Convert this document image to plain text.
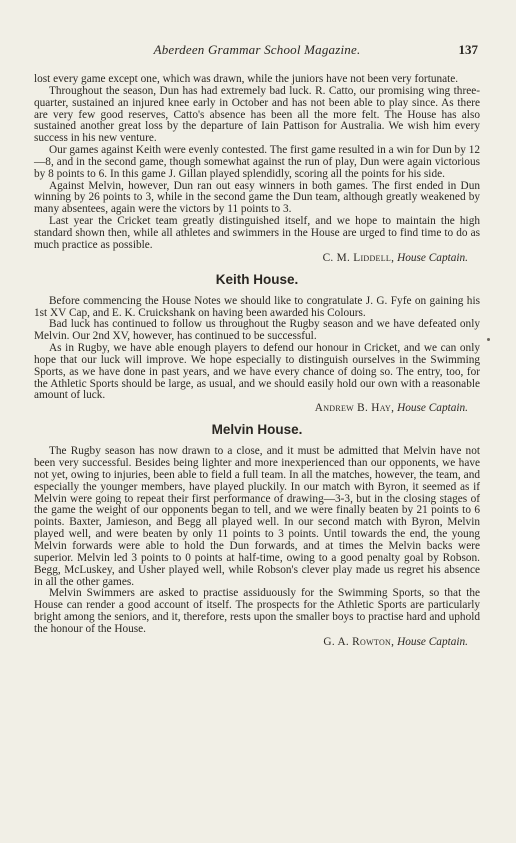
Aberdeen Grammar School Magazine.	137

lost every game except one, which was drawn, while the juniors have not been very fortunate.

Throughout the season, Dun has had extremely bad luck. R. Catto, our promising wing three-quarter, sustained an injured knee early in October and has not been able to play since. As there are very few good reserves, Catto's absence has been all the more felt. The House has also sustained another great loss by the departure of Iain Pattison for Australia. We wish him every success in his new venture.

Our games against Keith were evenly contested. The first game resulted in a win for Dun by 12—8, and in the second game, though somewhat against the run of play, Dun were again victorious by 8 points to 6. In this game J. Gillan played splendidly, scoring all the points for his side.

Against Melvin, however, Dun ran out easy winners in both games. The first ended in Dun winning by 26 points to 3, while in the second game the Dun team, although greatly weakened by many absentees, again were the victors by 11 points to 3.

Last year the Cricket team greatly distinguished itself, and we hope to maintain the high standard shown then, while all athletes and swimmers in the House are urged to find time to do as much practice as possible.

C. M. Liddell, House Captain.
Keith House.

Before commencing the House Notes we should like to congratulate J. G. Fyfe on gaining his 1st XV Cap, and E. K. Cruickshank on having been awarded his Colours.

Bad luck has continued to follow us throughout the Rugby season and we have defeated only Melvin. Our 2nd XV, however, has continued to be successful.

As in Rugby, we have able enough players to defend our honour in Cricket, and we can only hope that our luck will improve. We hope especially to distinguish ourselves in the Swimming Sports, as we have done in past years, and we have every chance of doing so. The entry, too, for the Athletic Sports should be large, as usual, and we should easily hold our own with a reasonable amount of luck.

Andrew B. Hay, House Captain.
Melvin House.

The Rugby season has now drawn to a close, and it must be admitted that Melvin have not been very successful. Besides being lighter and more inexperienced than our opponents, we have not yet, owing to injuries, been able to field a full team. In all the matches, however, the team, and especially the younger members, have played pluckily. In our match with Byron, it seemed as if Melvin were going to repeat their first performance of drawing—3-3, but in the closing stages of the game the weight of our opponents began to tell, and we were finally beaten by 21 points to 6 points. Baxter, Jamieson, and Begg all played well. In our second match with Byron, Melvin played well, and were beaten by only 11 points to 3 points. Until towards the end, the young Melvin forwards were able to hold the Dun forwards, and at times the Melvin backs were superior. Melvin led 3 points to 0 points at half-time, owing to a good penalty goal by Robson. Begg, McLuskey, and Usher played well, while Robson's clever play made us regret his absence in all the other games.

Melvin Swimmers are asked to practise assiduously for the Swimming Sports, so that the House can render a good account of itself. The prospects for the Athletic Sports are particularly bright among the seniors, and it, therefore, rests upon the smaller boys to practise hard and uphold the honour of the House.

G. A. Rowton, House Captain.
